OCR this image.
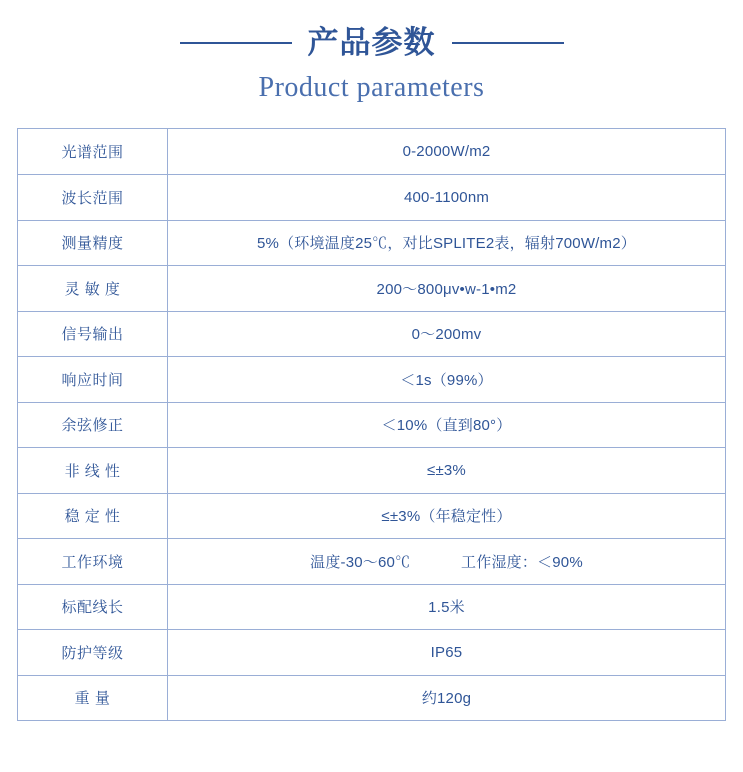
产品参数
Product parameters
光谱范围	0-2000W/m2
波长范围	400-1100nm
测量精度	5%（环境温度25℃，对比SPLITE2表，辐射700W/m2）
灵 敏 度	200～800μv•w-1•m2
信号输出	0～200mv
响应时间	＜1s（99%）
余弦修正	＜10%（直到80°）
非 线 性	≤±3%
稳 定 性	≤±3%（年稳定性）
工作环境	温度-30～60℃ 工作湿度：＜90%
标配线长	1.5米
防护等级	IP65
重 量	约120g
